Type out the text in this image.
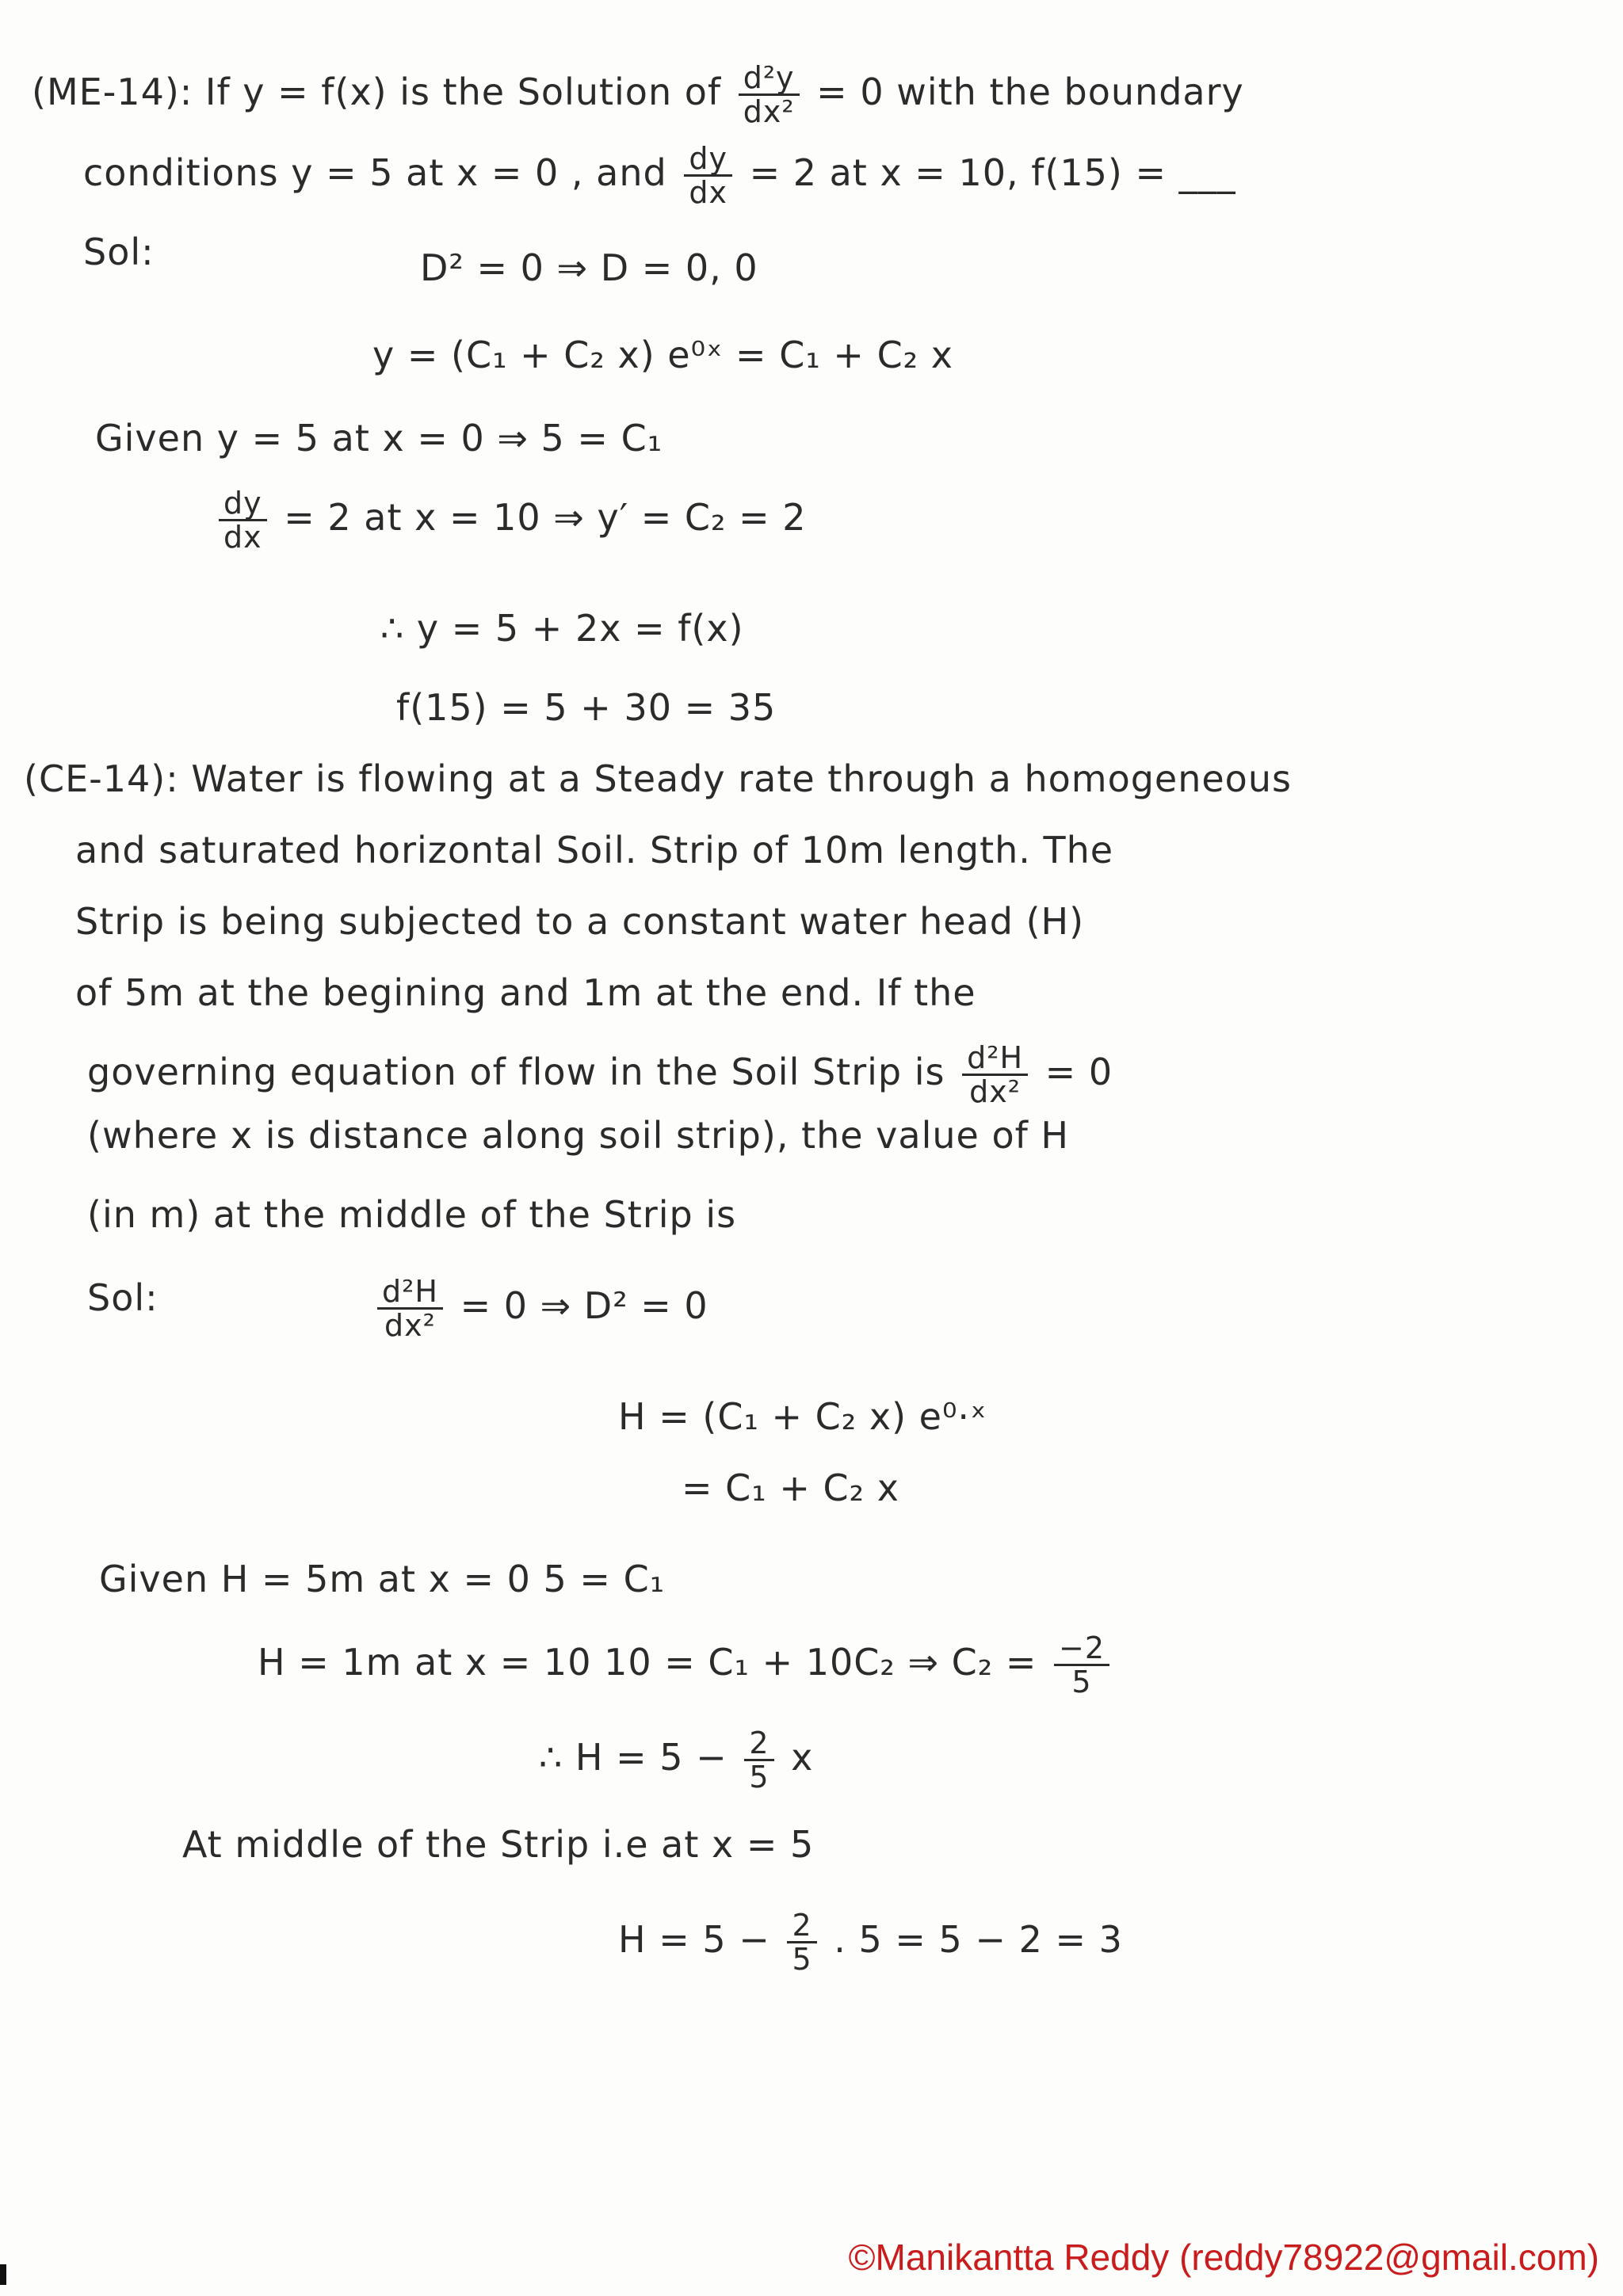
(ME-14): If y = f(x) is the Solution of $\frac{\text{d²y}}{\text{dx²}} = 0$ with the boundary
conditions y = 5 at x = 0 , and $\frac{dy}{dx} = 2$ at x = 10, f(15) = ___
Sol:	D² = 0 ⇒ D = 0, 0
y = (C₁ + C₂ x) e⁰ˣ = C₁ + C₂ x
Given y = 5 at x = 0 ⇒ 5 = C₁
$\frac{dy}{dx} = 2$ at x = 10 ⇒ y′ = C₂ = 2
∴ y = 5 + 2x = f(x)
f(15) = 5 + 30 = 35
(CE-14): Water is flowing at a Steady rate through a homogeneous
and saturated horizontal Soil. Strip of 10m length. The
Strip is being subjected to a constant water head (H)
of 5m at the begining and 1m at the end. If the
governing equation of flow in the Soil Strip is $\frac{\text{d²H}}{\text{dx²}} = 0$
(where x is distance along soil strip), the value of H
(in m) at the middle of the Strip is
Sol:	$\frac{\text{d²H}}{\text{dx²}} = 0$ ⇒ D² = 0
H = (C₁ + C₂ x) e⁰·ˣ
= C₁ + C₂ x
Given H = 5m at x = 0 5 = C₁
H = 1m at x = 10 10 = C₁ + 10C₂ ⇒ $C_2 = \frac{-2}{5}$
∴ $H = 5 - \frac{2}{5}$ x
At middle of the Strip i.e at x = 5
$H = 5 - \frac{2}{5}$ . 5 = 5 − 2 = 3
©Manikantta Reddy (reddy78922@gmail.com)
